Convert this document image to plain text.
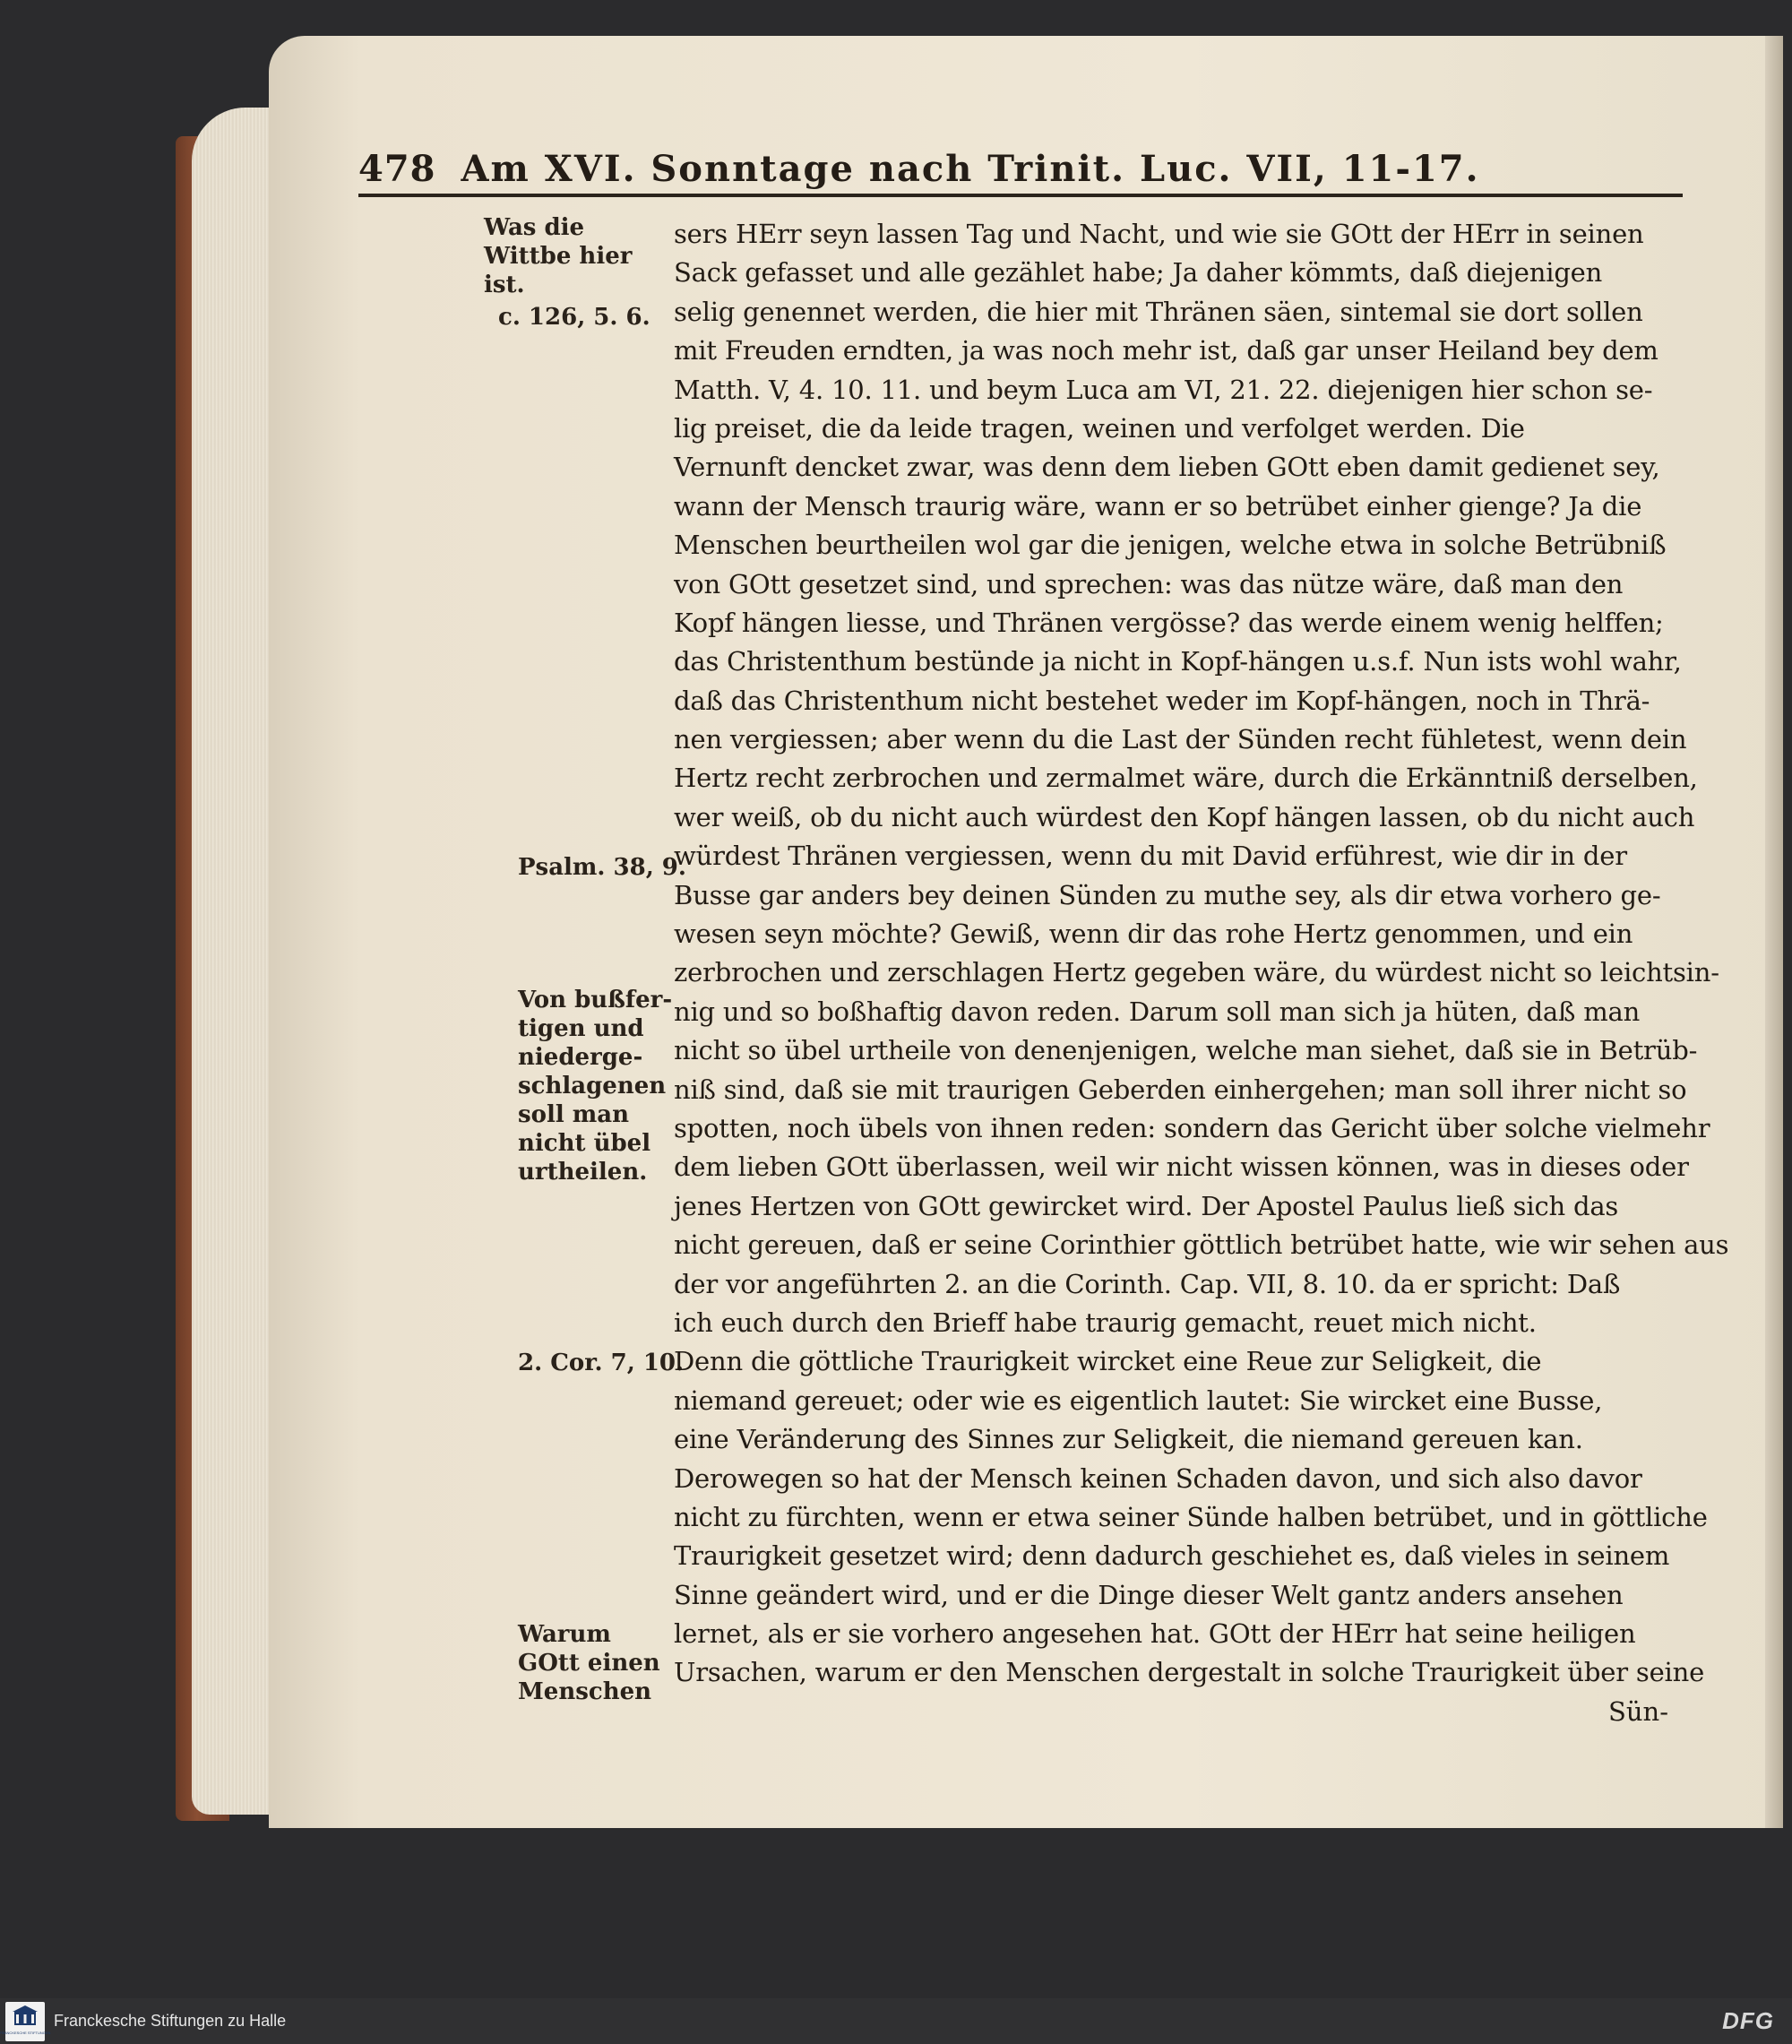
478 Am XVI. Sonntage nach Trinit. Luc. VII, 11-17.
Was die
Wittbe hier
ist.
c. 126, 5. 6.
Psalm. 38, 9.
Von bußfer-
tigen und
niederge-
schlagenen
soll man
nicht übel
urtheilen.
2. Cor. 7, 10.
Warum
GOtt einen
Menschen
sers HErr seyn lassen Tag und Nacht, und wie sie GOtt der HErr in seinen
Sack gefasset und alle gezählet habe; Ja daher kömmts, daß diejenigen
selig genennet werden, die hier mit Thränen säen, sintemal sie dort sollen
mit Freuden erndten, ja was noch mehr ist, daß gar unser Heiland bey dem
Matth. V, 4. 10. 11. und beym Luca am VI, 21. 22. diejenigen hier schon se-
lig preiset, die da leide tragen, weinen und verfolget werden. Die
Vernunft dencket zwar, was denn dem lieben GOtt eben damit gedienet sey,
wann der Mensch traurig wäre, wann er so betrübet einher gienge? Ja die
Menschen beurtheilen wol gar die jenigen, welche etwa in solche Betrübniß
von GOtt gesetzet sind, und sprechen: was das nütze wäre, daß man den
Kopf hängen liesse, und Thränen vergösse? das werde einem wenig helffen;
das Christenthum bestünde ja nicht in Kopf-hängen u.s.f. Nun ists wohl wahr,
daß das Christenthum nicht bestehet weder im Kopf-hängen, noch in Thrä-
nen vergiessen; aber wenn du die Last der Sünden recht fühletest, wenn dein
Hertz recht zerbrochen und zermalmet wäre, durch die Erkänntniß derselben,
wer weiß, ob du nicht auch würdest den Kopf hängen lassen, ob du nicht auch
würdest Thränen vergiessen, wenn du mit David erführest, wie dir in der
Busse gar anders bey deinen Sünden zu muthe sey, als dir etwa vorhero ge-
wesen seyn möchte? Gewiß, wenn dir das rohe Hertz genommen, und ein
zerbrochen und zerschlagen Hertz gegeben wäre, du würdest nicht so leichtsin-
nig und so boßhaftig davon reden. Darum soll man sich ja hüten, daß man
nicht so übel urtheile von denenjenigen, welche man siehet, daß sie in Betrüb-
niß sind, daß sie mit traurigen Geberden einhergehen; man soll ihrer nicht so
spotten, noch übels von ihnen reden: sondern das Gericht über solche vielmehr
dem lieben GOtt überlassen, weil wir nicht wissen können, was in dieses oder
jenes Hertzen von GOtt gewircket wird. Der Apostel Paulus ließ sich das
nicht gereuen, daß er seine Corinthier göttlich betrübet hatte, wie wir sehen aus
der vor angeführten 2. an die Corinth. Cap. VII, 8. 10. da er spricht: Daß
ich euch durch den Brieff habe traurig gemacht, reuet mich nicht.
Denn die göttliche Traurigkeit wircket eine Reue zur Seligkeit, die
niemand gereuet; oder wie es eigentlich lautet: Sie wircket eine Busse,
eine Veränderung des Sinnes zur Seligkeit, die niemand gereuen kan.
Derowegen so hat der Mensch keinen Schaden davon, und sich also davor
nicht zu fürchten, wenn er etwa seiner Sünde halben betrübet, und in göttliche
Traurigkeit gesetzet wird; denn dadurch geschiehet es, daß vieles in seinem
Sinne geändert wird, und er die Dinge dieser Welt gantz anders ansehen
lernet, als er sie vorhero angesehen hat. GOtt der HErr hat seine heiligen
Ursachen, warum er den Menschen dergestalt in solche Traurigkeit über seine
Sün-
FRANCKESCHE STIFTUNGEN
Franckesche Stiftungen zu Halle	DFG
